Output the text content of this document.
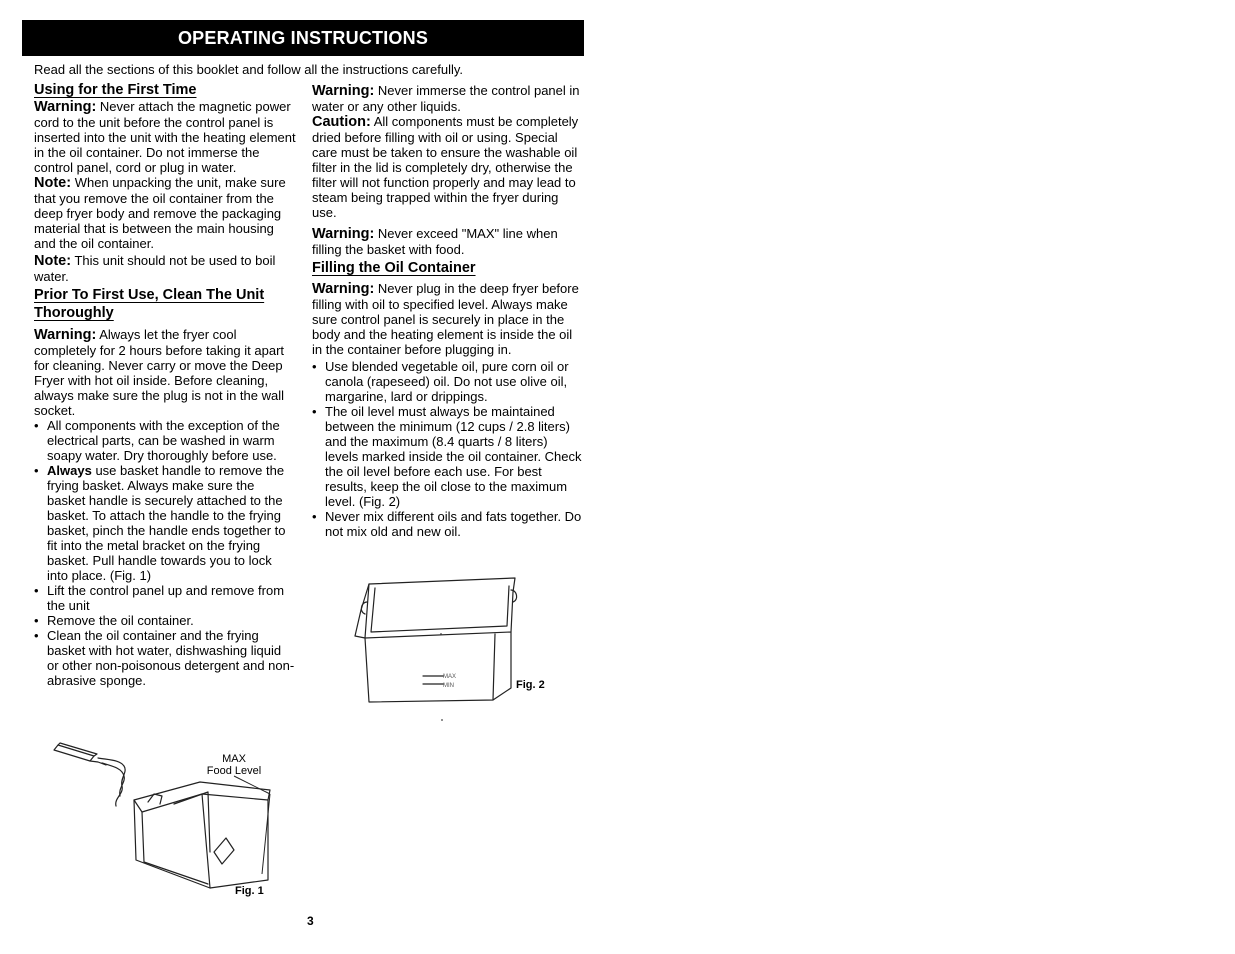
OPERATING INSTRUCTIONS
Read all the sections of this booklet and follow all the instructions carefully.
Using for the First Time

Warning: Never attach the magnetic power cord to the unit before the control panel is inserted into the unit with the heating element in the oil container. Do not immerse the control panel, cord or plug in water.

Note: When unpacking the unit, make sure that you remove the oil container from the deep fryer body and remove the packaging material that is between the main housing and the oil container.

Note: This unit should not be used to boil water.

Prior To First Use, Clean The Unit
Thoroughly

Warning: Always let the fryer cool completely for 2 hours before taking it apart for cleaning. Never carry or move the Deep Fryer with hot oil inside. Before cleaning, always make sure the plug is not in the wall socket.

• All components with the exception of the electrical parts, can be washed in warm soapy water. Dry thoroughly before use.
• Always use basket handle to remove the frying basket. Always make sure the basket handle is securely attached to the basket. To attach the handle to the frying basket, pinch the handle ends together to fit into the metal bracket on the frying basket. Pull handle towards you to lock into place. (Fig. 1)
• Lift the control panel up and remove from the unit
• Remove the oil container.
• Clean the oil container and the frying basket with hot water, dishwashing liquid or other non-poisonous detergent and non-abrasive sponge.
MAX
Food Level
Fig. 1

Warning: Never immerse the control panel in water or any other liquids.

Caution: All components must be completely dried before filling with oil or using. Special care must be taken to ensure the washable oil filter in the lid is completely dry, otherwise the filter will not function properly and may lead to steam being trapped within the fryer during use.

Warning: Never exceed "MAX" line when filling the basket with food.

Filling the Oil Container

Warning: Never plug in the deep fryer before filling with oil to specified level. Always make sure control panel is securely in place in the body and the heating element is inside the oil in the container before plugging in.

• Use blended vegetable oil, pure corn oil or canola (rapeseed) oil. Do not use olive oil, margarine, lard or drippings.
• The oil level must always be maintained between the minimum (12 cups / 2.8 liters) and the maximum (8.4 quarts / 8 liters) levels marked inside the oil container. Check the oil level before each use. For best results, keep the oil close to the maximum level. (Fig. 2)
• Never mix different oils and fats together. Do not mix old and new oil.
MAX
MIN	Fig. 2
3
